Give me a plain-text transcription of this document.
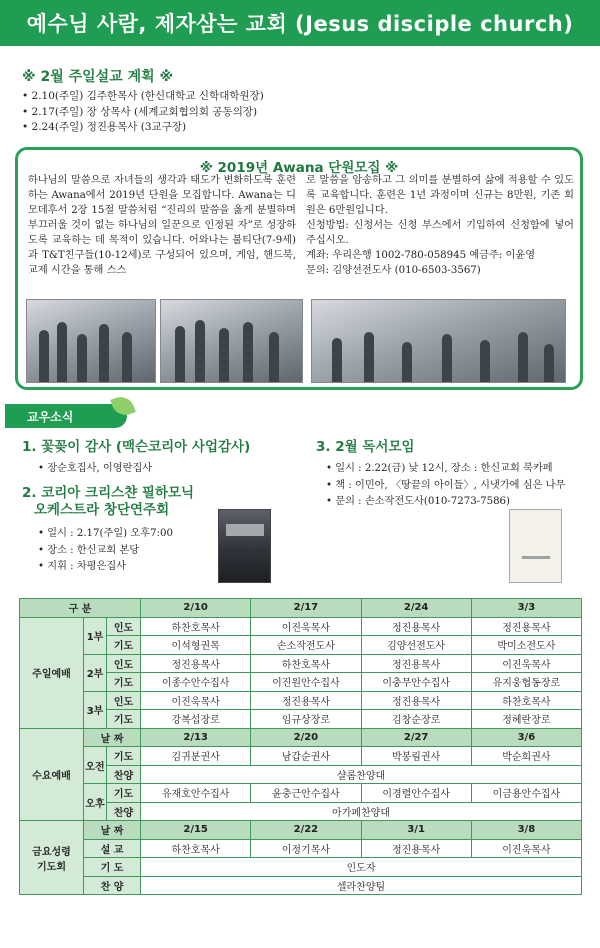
예수님 사람, 제자삼는 교회 (Jesus disciple church)
※ 2월 주일설교 계획 ※
• 2.10(주일) 김주한목사 (한신대학교 신학대학원장)
• 2.17(주일) 장 상목사 (세계교회협의회 공동의장)
• 2.24(주일) 정진용목사 (3교구장)
※ 2019년 Awana 단원모집 ※

하나님의 말씀으로 자녀들의 생각과 태도가 변화하도록 훈련하는 Awana에서 2019년 단원을 모집합니다. Awana는 디모데후서 2장 15절 말씀처럼 “진리의 말씀을 옳게 분별하며 부끄러울 것이 없는 하나님의 일꾼으로 인정된 자”로 성장하도록 교육하는 데 목적이 있습니다. 어와나는 불티단(7-9세)과 T&T친구들(10-12세)로 구성되어 있으며, 게임, 핸드북, 교제 시간을 통해 스스

로 말씀을 암송하고 그 의미를 분별하여 삶에 적용할 수 있도록 교육합니다. 훈련은 1년 과정이며 신규는 8만원, 기존 회원은 6만원입니다.

신청방법: 신청서는 신청 부스에서 기입하여 신청함에 넣어주십시오.

계좌: 우리은행 1002-780-058945 예금주: 이윤영

문의: 김양선전도사 (010-6503-3567)

교우소식
1. 꽃꽂이 감사 (맥슨코리아 사업감사)
• 장순호집사, 이영란집사
2. 코리아 크리스챤 필하모닉
오케스트라 창단연주회
• 일시 : 2.17(주일) 오후7:00
• 장소 : 한신교회 본당
• 지휘 : 차평은집사
3. 2월 독서모임
• 일시 : 2.22(금) 낮 12시, 장소 : 한신교회 북카페
• 책 : 이민아, 〈땅끝의 아이들〉, 시냇가에 심은 나무
• 문의 : 손소작전도사(010-7273-7586)
구 분			2/10	2/17	2/24	3/3
주일예배	1부	인도	하찬호목사	이진욱목사	정진용목사	정진용목사
		기도	이석형권목	손소작전도사	김양선전도사	박미소전도사
	2부	인도	정진용목사	하찬호목사	정진용목사	이진욱목사
		기도	이종수안수집사	이진원안수집사	이충무안수집사	유지웅협동장로
	3부	인도	이진욱목사	정진용목사	정진용목사	하찬호목사
		기도	강복섭장로	임규상장로	김창순장로	정혜란장로
수요예배	날 짜		2/13	2/20	2/27	3/6
	오전	기도	김귀분권사	남갑순권사	박봉림권사	박순희권사
		찬양	샬롬찬양대			
	오후	기도	유재호안수집사	윤충근안수집사	이경렬안수집사	이금용안수집사
		찬양	아가페찬양대			

금요성령
기도회	날 짜		2/15	2/22	3/1	3/8
	설 교		하찬호목사	이정기목사	정진용목사	이진욱목사
	기 도		인도자			
	찬 양		셀라찬양팀			
